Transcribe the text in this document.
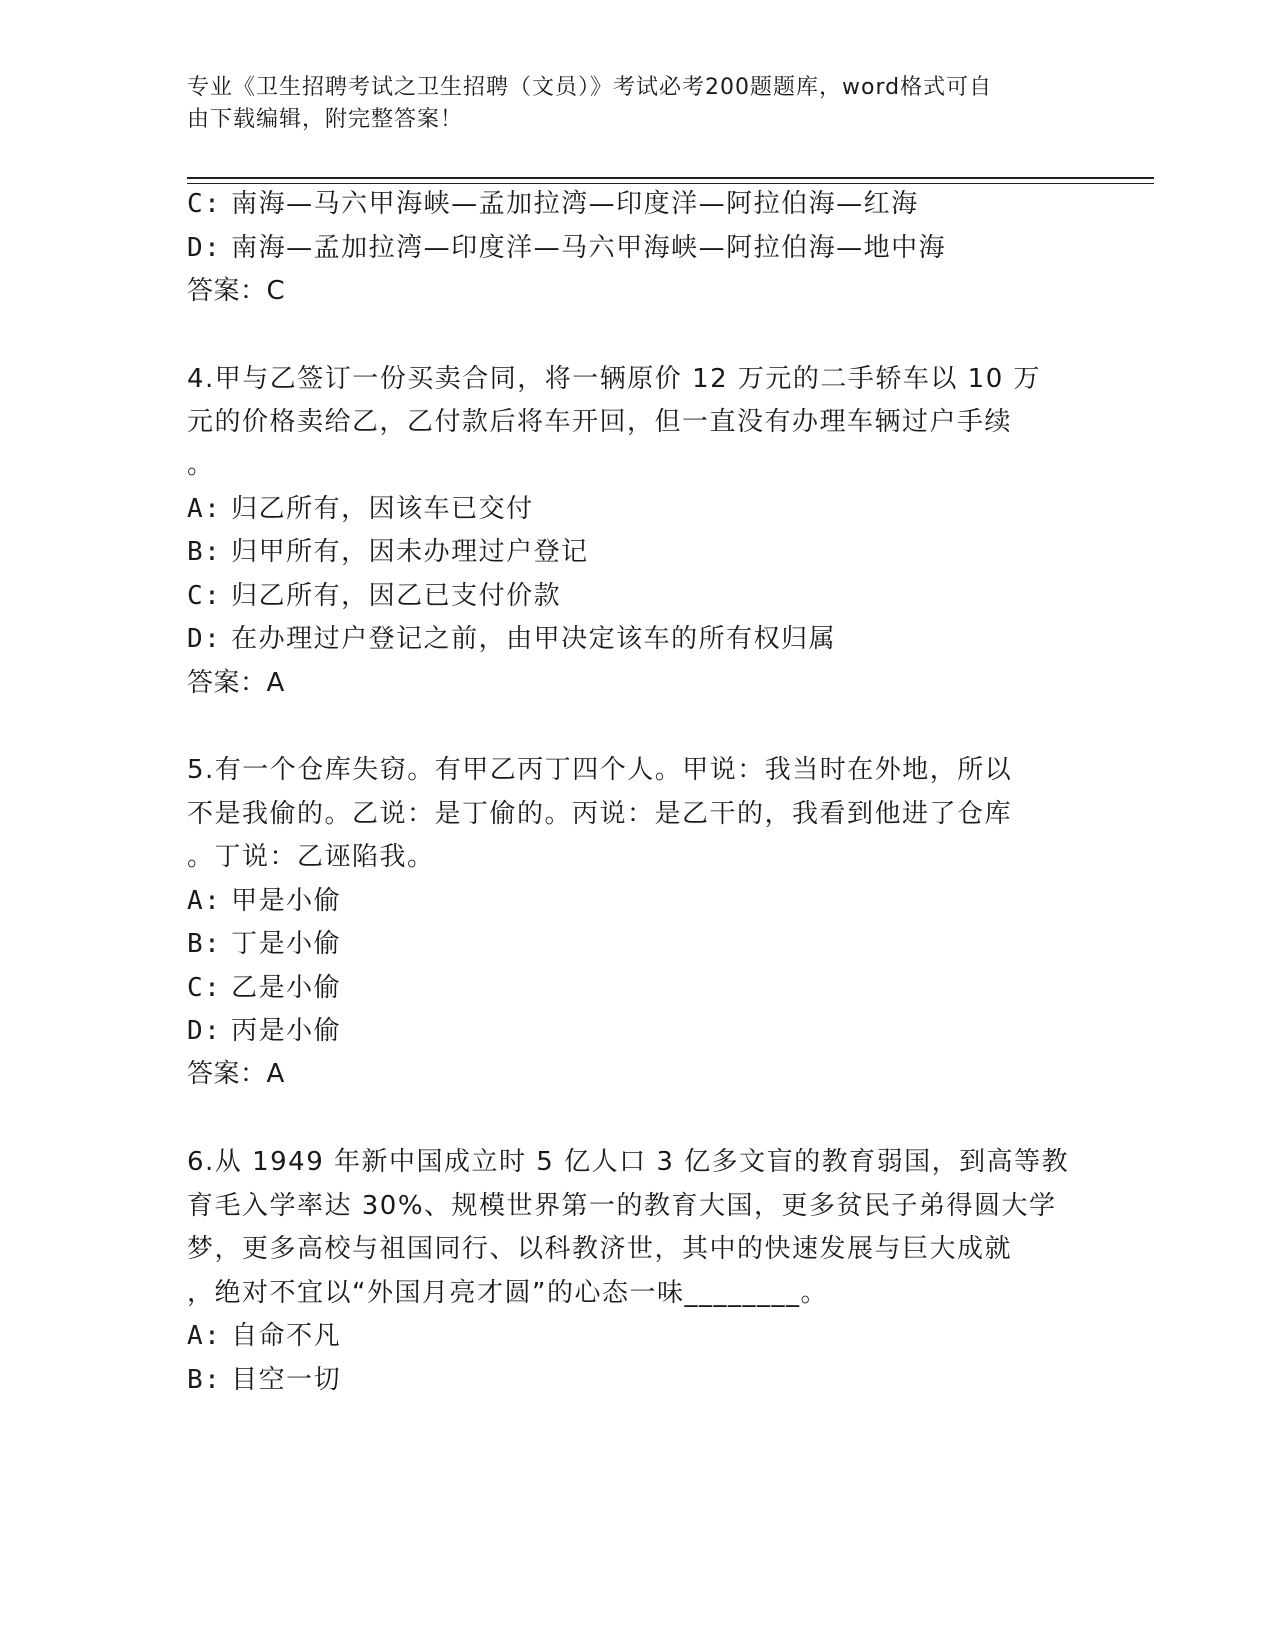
专业《卫生招聘考试之卫生招聘（文员）》考试必考200题题库，word格式可自
由下载编辑，附完整答案！
C: 南海—马六甲海峡—孟加拉湾—印度洋—阿拉伯海—红海
D: 南海—孟加拉湾—印度洋—马六甲海峡—阿拉伯海—地中海
答案：C
4.甲与乙签订一份买卖合同，将一辆原价 12 万元的二手轿车以 10 万
元的价格卖给乙，乙付款后将车开回，但一直没有办理车辆过户手续
。
A: 归乙所有，因该车已交付
B: 归甲所有，因未办理过户登记
C: 归乙所有，因乙已支付价款
D: 在办理过户登记之前，由甲决定该车的所有权归属
答案：A
5.有一个仓库失窃。有甲乙丙丁四个人。甲说：我当时在外地，所以
不是我偷的。乙说：是丁偷的。丙说：是乙干的，我看到他进了仓库
。丁说：乙诬陷我。
A: 甲是小偷
B: 丁是小偷
C: 乙是小偷
D: 丙是小偷
答案：A
6.从 1949 年新中国成立时 5 亿人口 3 亿多文盲的教育弱国，到高等教
育毛入学率达 30%、规模世界第一的教育大国，更多贫民子弟得圆大学
梦，更多高校与祖国同行、以科教济世，其中的快速发展与巨大成就
，绝对不宜以“外国月亮才圆”的心态一味________。
A: 自命不凡
B: 目空一切
